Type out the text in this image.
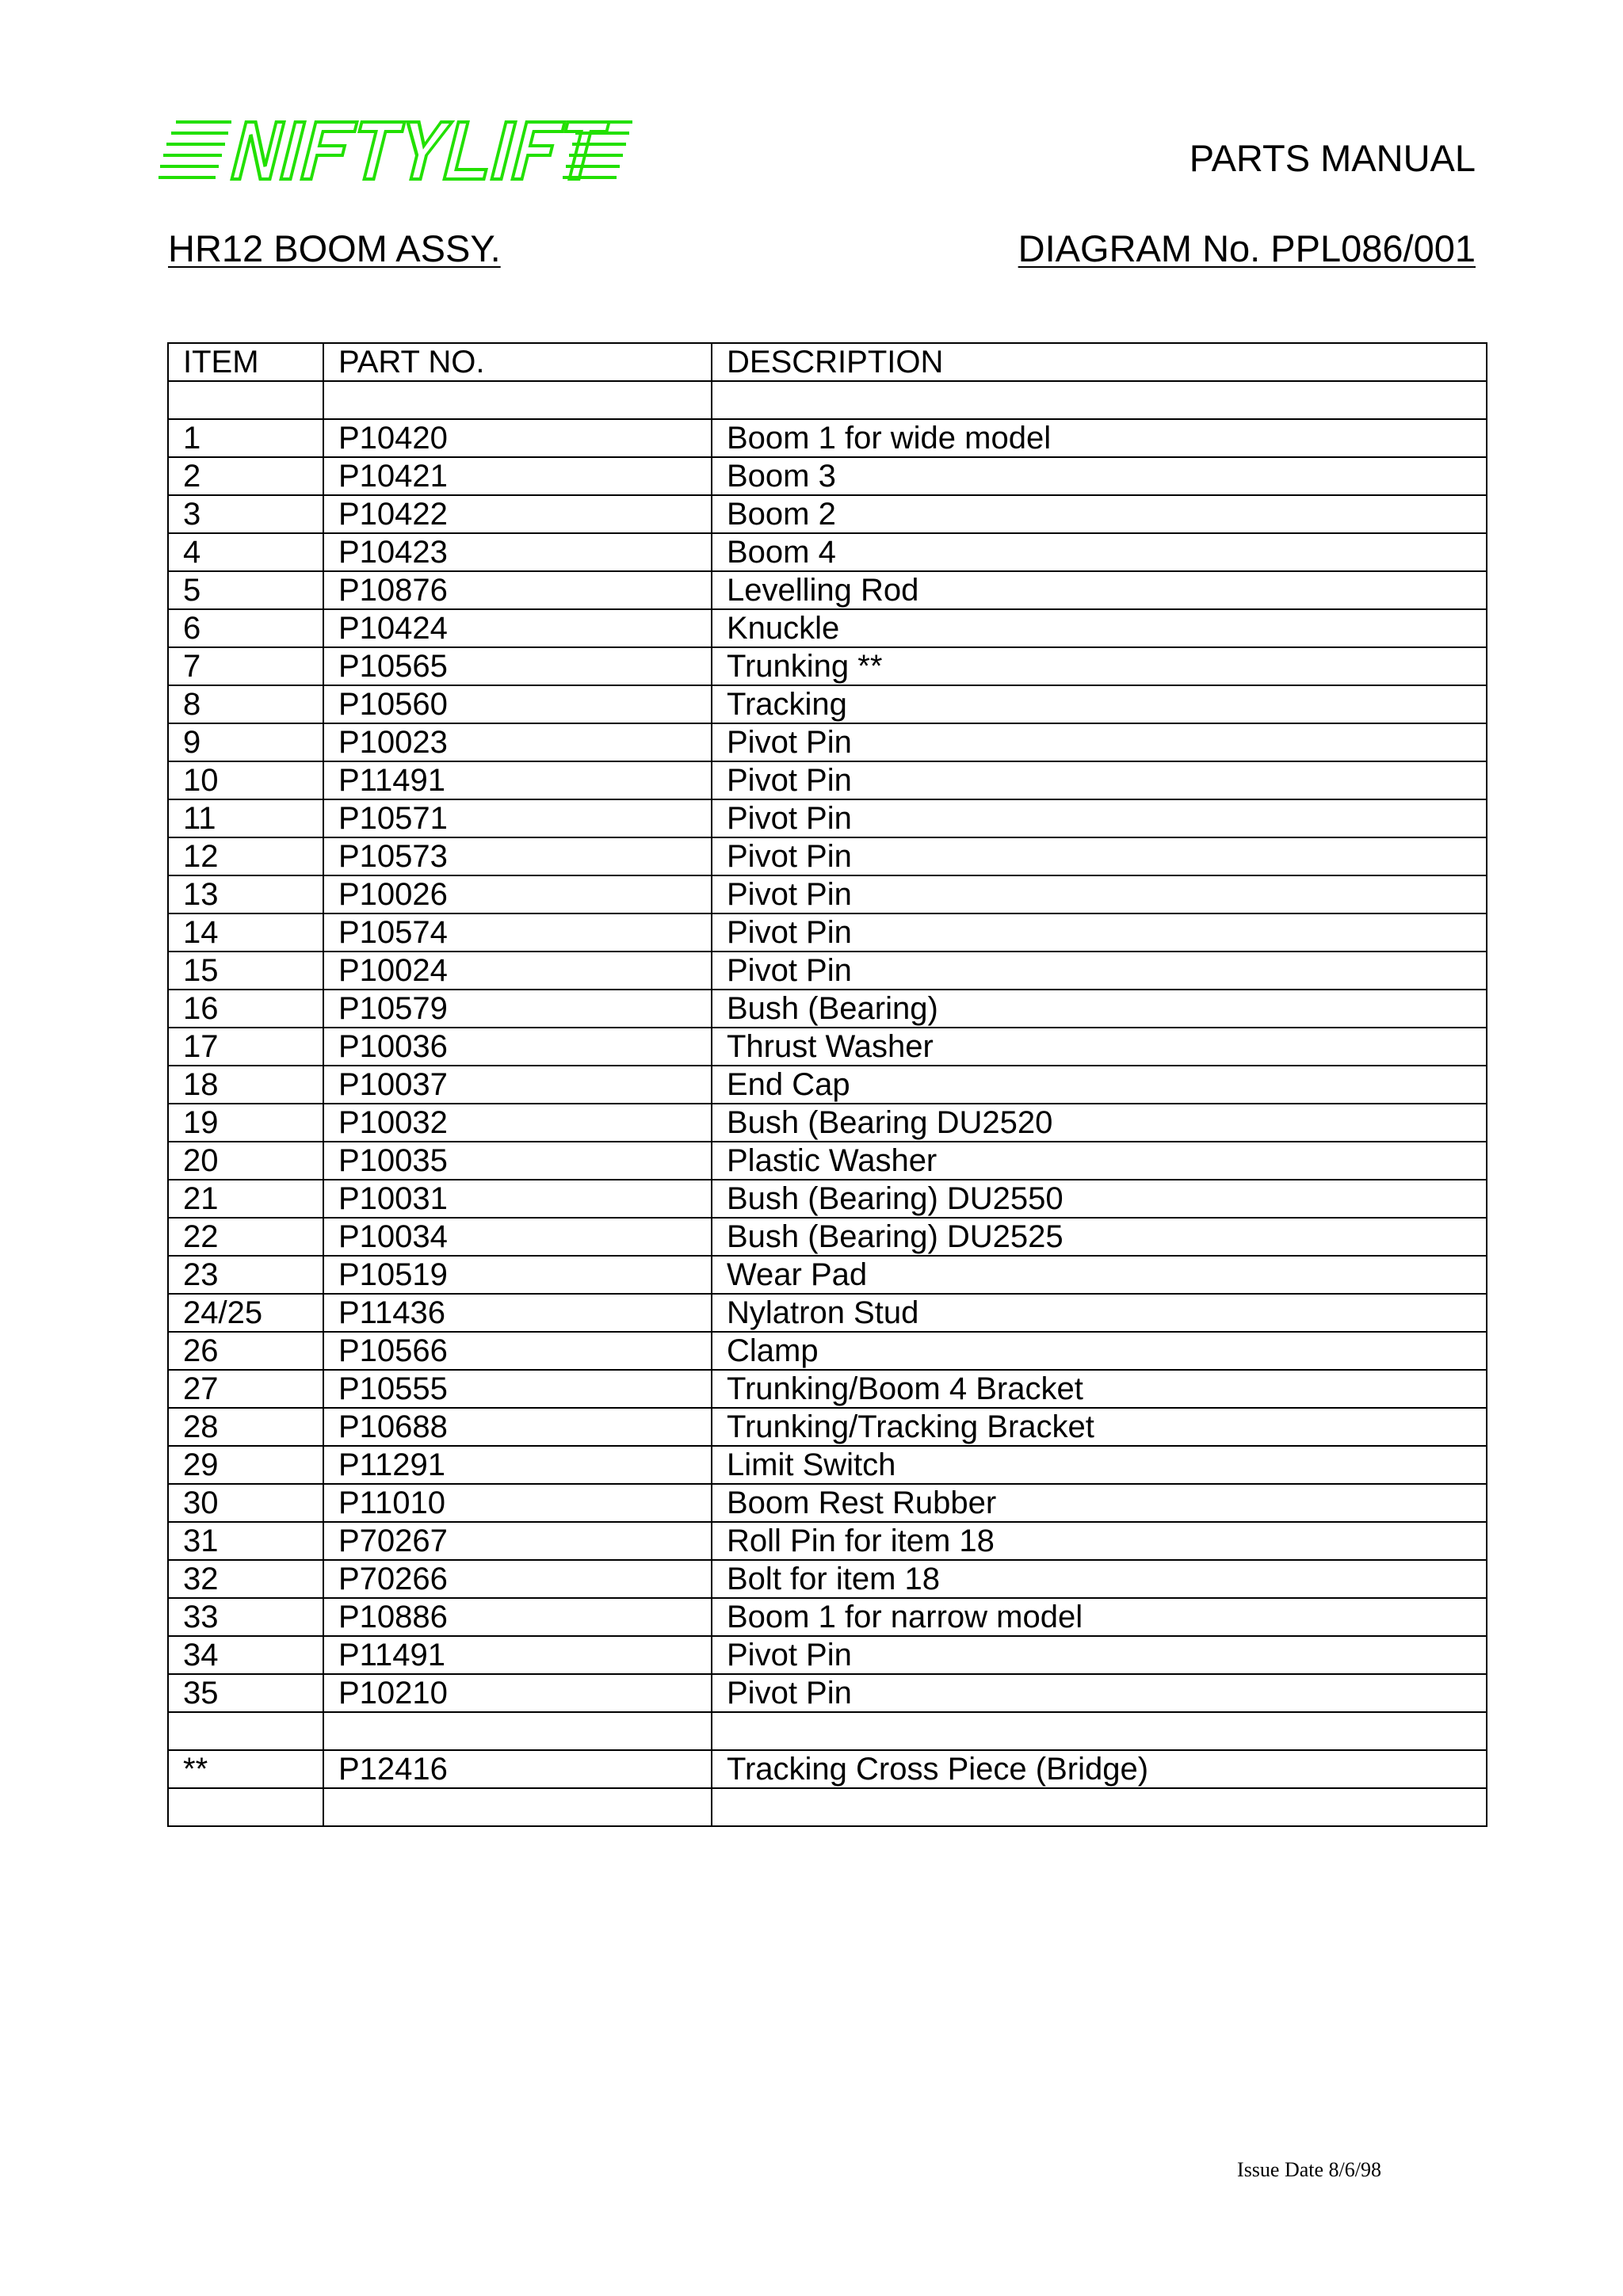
PARTS MANUAL
HR12 BOOM ASSY.	DIAGRAM No. PPL086/001
ITEM	PART NO.	DESCRIPTION

1	P10420	Boom 1 for wide model
2	P10421	Boom 3
3	P10422	Boom 2
4	P10423	Boom 4
5	P10876	Levelling Rod
6	P10424	Knuckle
7	P10565	Trunking **
8	P10560	Tracking
9	P10023	Pivot Pin
10	P11491	Pivot Pin
11	P10571	Pivot Pin
12	P10573	Pivot Pin
13	P10026	Pivot Pin
14	P10574	Pivot Pin
15	P10024	Pivot Pin
16	P10579	Bush (Bearing)
17	P10036	Thrust Washer
18	P10037	End Cap
19	P10032	Bush (Bearing DU2520
20	P10035	Plastic Washer
21	P10031	Bush (Bearing) DU2550
22	P10034	Bush (Bearing) DU2525
23	P10519	Wear Pad
24/25	P11436	Nylatron Stud
26	P10566	Clamp
27	P10555	Trunking/Boom 4 Bracket
28	P10688	Trunking/Tracking Bracket
29	P11291	Limit Switch
30	P11010	Boom Rest Rubber
31	P70267	Roll Pin for item 18
32	P70266	Bolt for item 18
33	P10886	Boom 1 for narrow model
34	P11491	Pivot Pin
35	P10210	Pivot Pin

**	P12416	Tracking Cross Piece (Bridge)

Issue Date 8/6/98
